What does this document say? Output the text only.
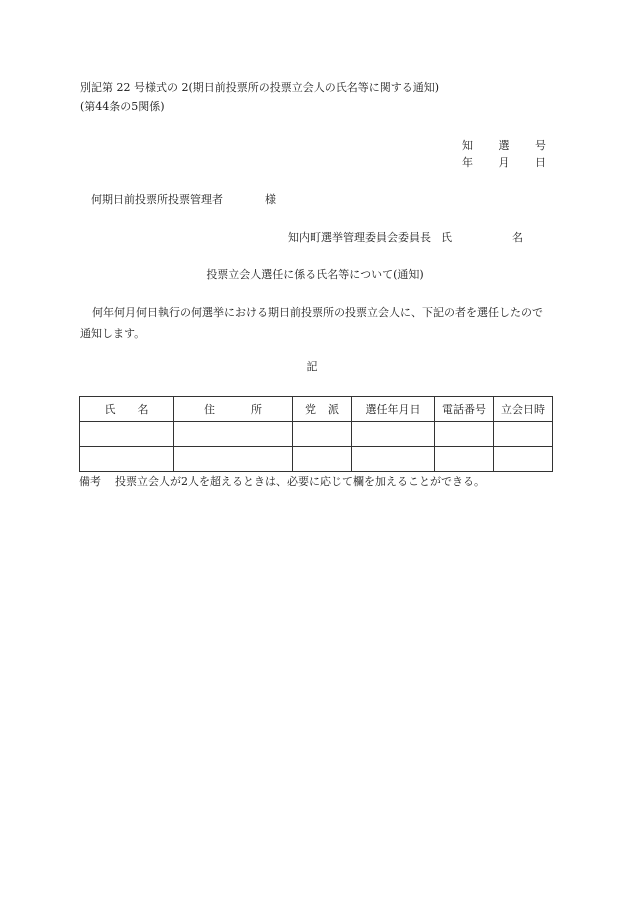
別記第 22 号様式の 2(期日前投票所の投票立会人の氏名等に関する通知)
(第44条の5関係)
知 選 号
年 月 日
何期日前投票所投票管理者	様
知内町選挙管理委員会委員長 氏	名
投票立会人選任に係る氏名等について(通知)
何年何月何日執行の何選挙における期日前投票所の投票立会人に、下記の者を選任したので通知します。
記
氏 名	住 所	党 派	選任年月日	電話番号	立会日時

備考 投票立会人が2人を超えるときは、必要に応じて欄を加えることができる。
